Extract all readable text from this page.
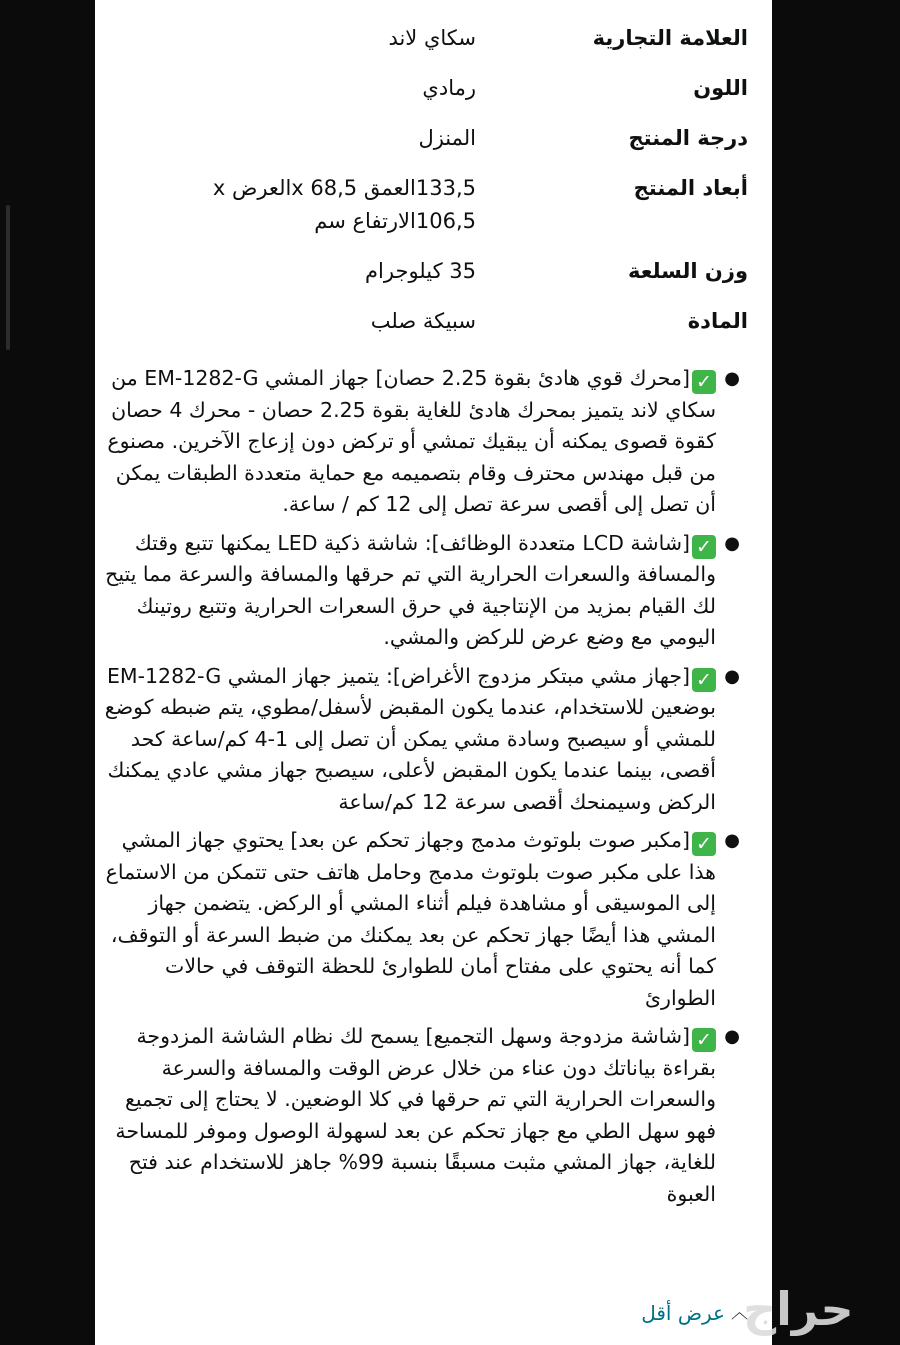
العلامة التجارية
سكاي لاند
اللون
رمادي
درجة المنتج
المنزل
أبعاد المنتج
133,5العمق x 68,5العرض x 106,5الارتفاع سم
وزن السلعة
35 كيلوجرام
المادة
سبيكة صلب
●
✓[محرك قوي هادئ بقوة 2.25 حصان] جهاز المشي EM-1282-G من سكاي لاند يتميز بمحرك هادئ للغاية بقوة 2.25 حصان - محرك 4 حصان كقوة قصوى يمكنه أن يبقيك تمشي أو تركض دون إزعاج الآخرين. مصنوع من قبل مهندس محترف وقام بتصميمه مع حماية متعددة الطبقات يمكن أن تصل إلى أقصى سرعة تصل إلى 12 كم / ساعة.
●
✓[شاشة LCD متعددة الوظائف]: شاشة ذكية LED يمكنها تتبع وقتك والمسافة والسعرات الحرارية التي تم حرقها والمسافة والسرعة مما يتيح لك القيام بمزيد من الإنتاجية في حرق السعرات الحرارية وتتبع روتينك اليومي مع وضع عرض للركض والمشي.
●
✓[جهاز مشي مبتكر مزدوج الأغراض]: يتميز جهاز المشي EM-1282-G بوضعين للاستخدام، عندما يكون المقبض لأسفل/مطوي، يتم ضبطه كوضع للمشي أو سيصبح وسادة مشي يمكن أن تصل إلى 1-4 كم/ساعة كحد أقصى، بينما عندما يكون المقبض لأعلى، سيصبح جهاز مشي عادي يمكنك الركض وسيمنحك أقصى سرعة 12 كم/ساعة
●
✓[مكبر صوت بلوتوث مدمج وجهاز تحكم عن بعد] يحتوي جهاز المشي هذا على مكبر صوت بلوتوث مدمج وحامل هاتف حتى تتمكن من الاستماع إلى الموسيقى أو مشاهدة فيلم أثناء المشي أو الركض. يتضمن جهاز المشي هذا أيضًا جهاز تحكم عن بعد يمكنك من ضبط السرعة أو التوقف، كما أنه يحتوي على مفتاح أمان للطوارئ للحظة التوقف في حالات الطوارئ
●
✓[شاشة مزدوجة وسهل التجميع] يسمح لك نظام الشاشة المزدوجة بقراءة بياناتك دون عناء من خلال عرض الوقت والمسافة والسرعة والسعرات الحرارية التي تم حرقها في كلا الوضعين. لا يحتاج إلى تجميع فهو سهل الطي مع جهاز تحكم عن بعد لسهولة الوصول وموفر للمساحة للغاية، جهاز المشي مثبت مسبقًا بنسبة 99% جاهز للاستخدام عند فتح العبوة
حراج
︿
عرض أقل
